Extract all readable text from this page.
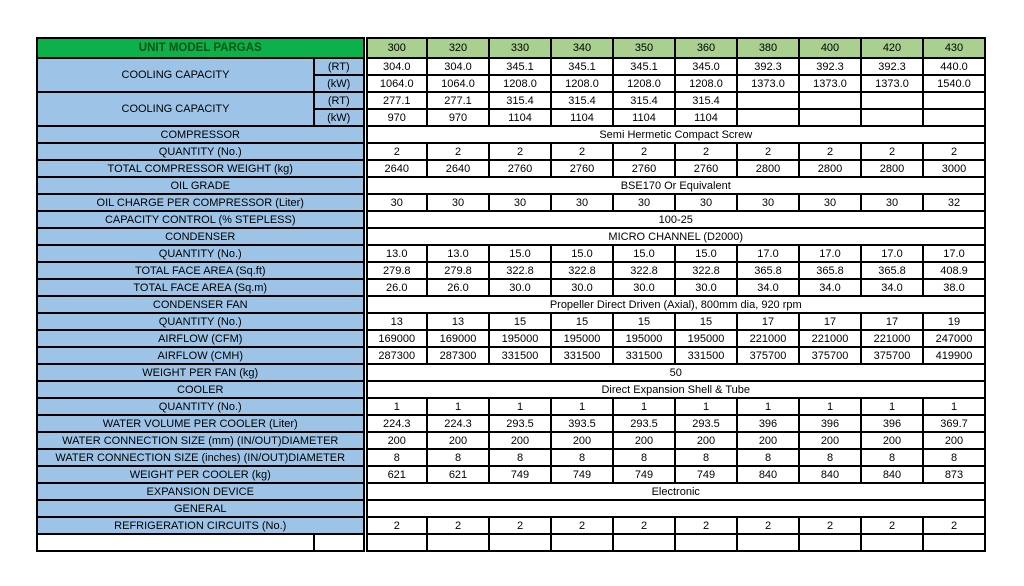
UNIT MODEL PARGAS		300	320	330	340	350	360	380	400	420	430
COOLING CAPACITY	(RT)	304.0	304.0	345.1	345.1	345.1	345.0	392.3	392.3	392.3	440.0
	(kW)	1064.0	1064.0	1208.0	1208.0	1208.0	1208.0	1373.0	1373.0	1373.0	1540.0
COOLING CAPACITY	(RT)	277.1	277.1	315.4	315.4	315.4	315.4				
	(kW)	970	970	1104	1104	1104	1104				
COMPRESSOR		Semi Hermetic Compact Screw									
QUANTITY (No.)		2	2	2	2	2	2	2	2	2	2
TOTAL COMPRESSOR WEIGHT (kg)		2640	2640	2760	2760	2760	2760	2800	2800	2800	3000
OIL GRADE		BSE170 Or Equivalent									
OIL CHARGE PER COMPRESSOR (Liter)		30	30	30	30	30	30	30	30	30	32
CAPACITY CONTROL (% STEPLESS)		100-25									
CONDENSER		MICRO CHANNEL (D2000)									
QUANTITY (No.)		13.0	13.0	15.0	15.0	15.0	15.0	17.0	17.0	17.0	17.0
TOTAL FACE AREA (Sq.ft)		279.8	279.8	322.8	322.8	322.8	322.8	365.8	365.8	365.8	408.9
TOTAL FACE AREA (Sq.m)		26.0	26.0	30.0	30.0	30.0	30.0	34.0	34.0	34.0	38.0
CONDENSER FAN		Propeller Direct Driven (Axial), 800mm dia, 920 rpm									
QUANTITY (No.)		13	13	15	15	15	15	17	17	17	19
AIRFLOW (CFM)		169000	169000	195000	195000	195000	195000	221000	221000	221000	247000
AIRFLOW (CMH)		287300	287300	331500	331500	331500	331500	375700	375700	375700	419900
WEIGHT PER FAN (kg)		50									
COOLER		Direct Expansion Shell & Tube									
QUANTITY (No.)		1	1	1	1	1	1	1	1	1	1
WATER VOLUME PER COOLER (Liter)		224.3	224.3	293.5	393.5	293.5	293.5	396	396	396	369.7
WATER CONNECTION SIZE (mm) (IN/OUT)DIAMETER		200	200	200	200	200	200	200	200	200	200
WATER CONNECTION SIZE (inches) (IN/OUT)DIAMETER		8	8	8	8	8	8	8	8	8	8
WEIGHT PER COOLER (kg)		621	621	749	749	749	749	840	840	840	873
EXPANSION DEVICE		Electronic									
GENERAL											
REFRIGERATION CIRCUITS (No.)		2	2	2	2	2	2	2	2	2	2
